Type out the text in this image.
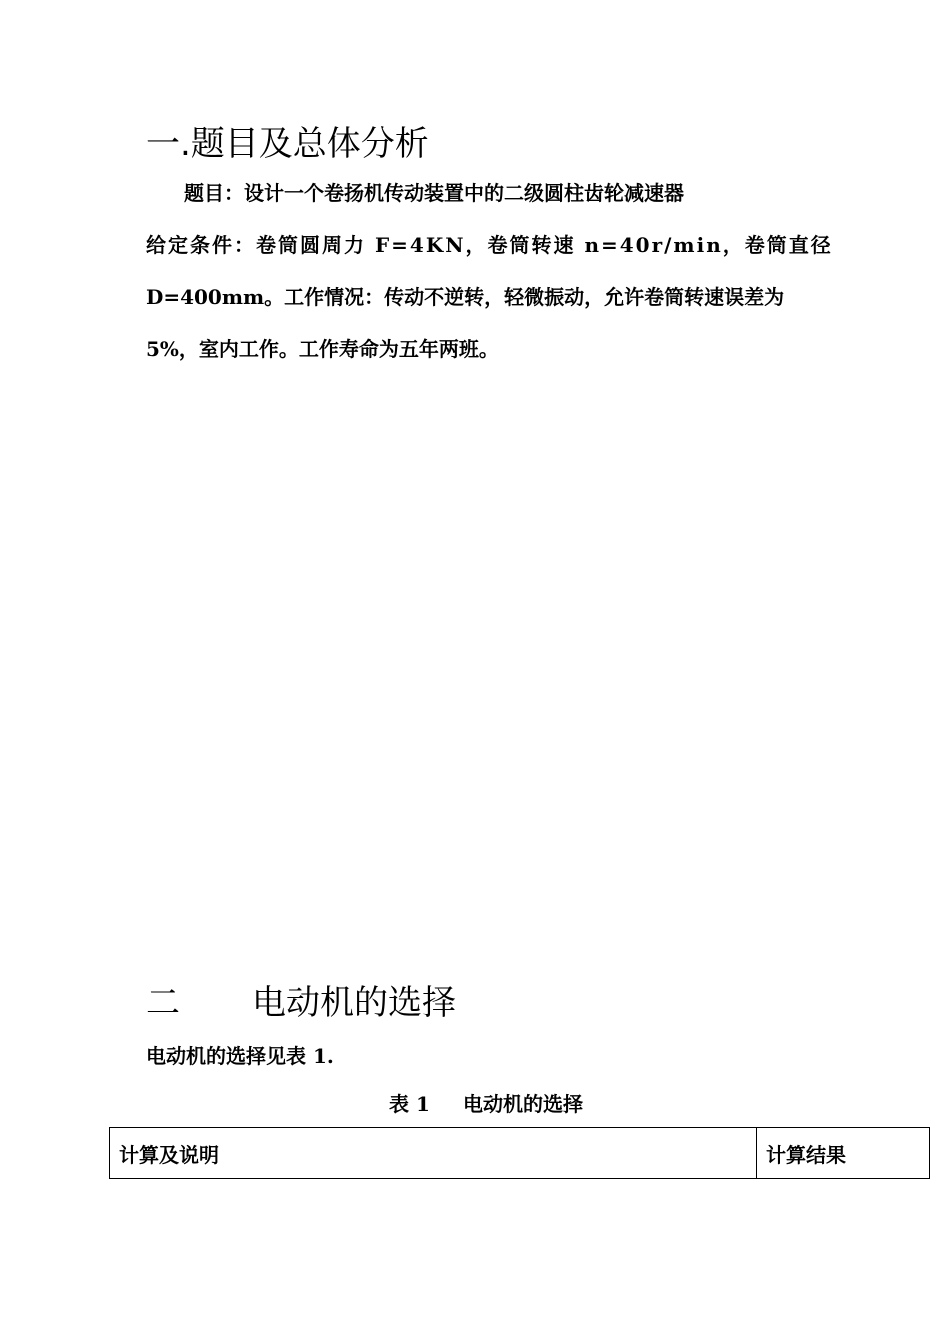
一.题目及总体分析
题目：设计一个卷扬机传动装置中的二级圆柱齿轮减速器
给定条件：卷筒圆周力 F=4KN，卷筒转速 n=40r/min，卷筒直径
D=400mm。工作情况：传动不逆转，轻微振动，允许卷筒转速误差为
5%，室内工作。工作寿命为五年两班。
二 电动机的选择
电动机的选择见表 1.
表 1 电动机的选择
计算及说明	计算结果
